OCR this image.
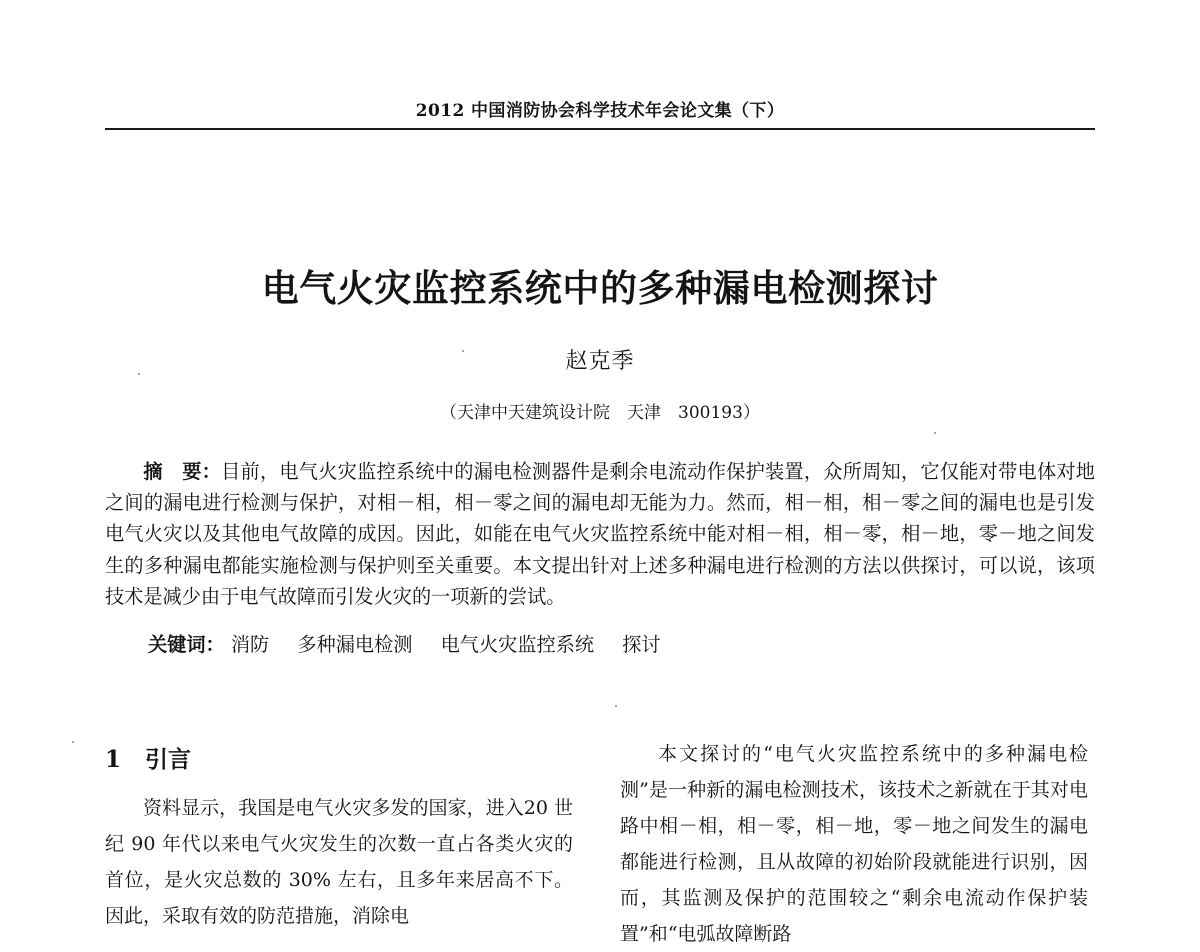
2012 中国消防协会科学技术年会论文集（下）
电气火灾监控系统中的多种漏电检测探讨
赵克季
（天津中天建筑设计院　天津　300193）
摘　要：目前，电气火灾监控系统中的漏电检测器件是剩余电流动作保护装置，众所周知，它仅能对带电体对地之间的漏电进行检测与保护，对相－相，相－零之间的漏电却无能为力。然而，相－相，相－零之间的漏电也是引发电气火灾以及其他电气故障的成因。因此，如能在电气火灾监控系统中能对相－相，相－零，相－地，零－地之间发生的多种漏电都能实施检测与保护则至关重要。本文提出针对上述多种漏电进行检测的方法以供探讨，可以说，该项技术是减少由于电气故障而引发火灾的一项新的尝试。
关键词： 消防 多种漏电检测 电气火灾监控系统 探讨
1 引言

资料显示，我国是电气火灾多发的国家，进入20 世纪 90 年代以来电气火灾发生的次数一直占各类火灾的首位，是火灾总数的 30% 左右，且多年来居高不下。因此，采取有效的防范措施，消除电

本文探讨的“电气火灾监控系统中的多种漏电检测”是一种新的漏电检测技术，该技术之新就在于其对电路中相－相，相－零，相－地，零－地之间发生的漏电都能进行检测，且从故障的初始阶段就能进行识别，因而，其监测及保护的范围较之“剩余电流动作保护装置”和“电弧故障断路
